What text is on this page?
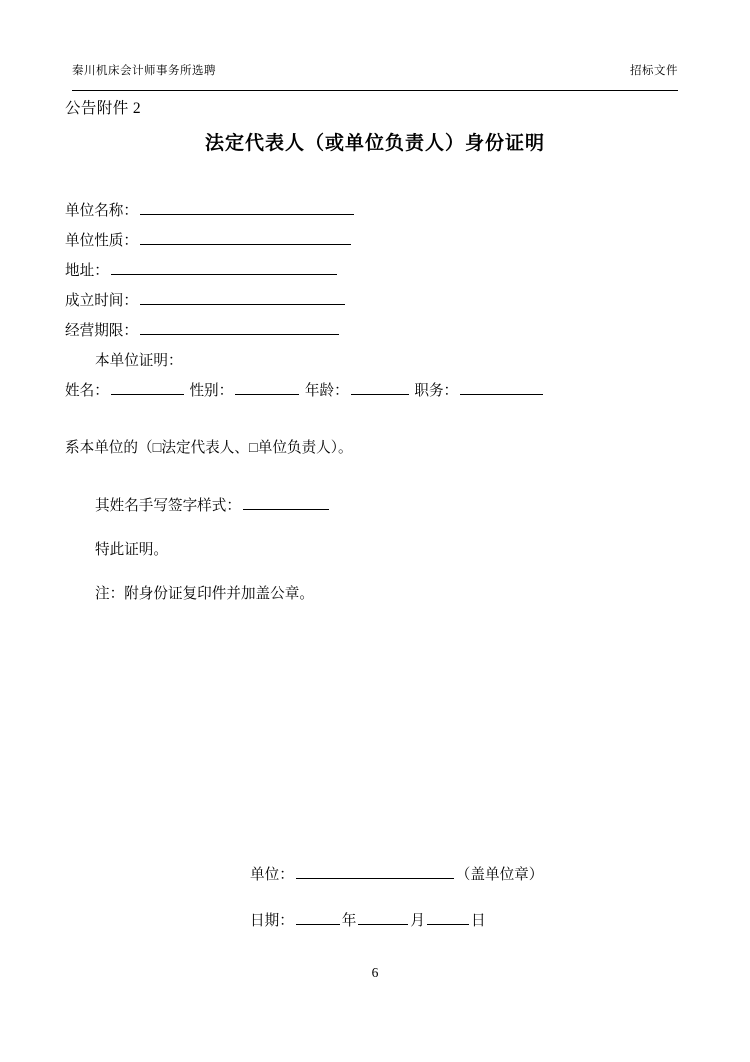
秦川机床会计师事务所选聘	招标文件
公告附件 2
法定代表人（或单位负责人）身份证明
单位名称：
单位性质：
地址：
成立时间：
经营期限：
本单位证明：
姓名：	性别：	年龄：	职务：
系本单位的（□法定代表人、□单位负责人）。
其姓名手写签字样式：
特此证明。
注：附身份证复印件并加盖公章。
单位：	（盖单位章）
日期：	年	月	日
6
